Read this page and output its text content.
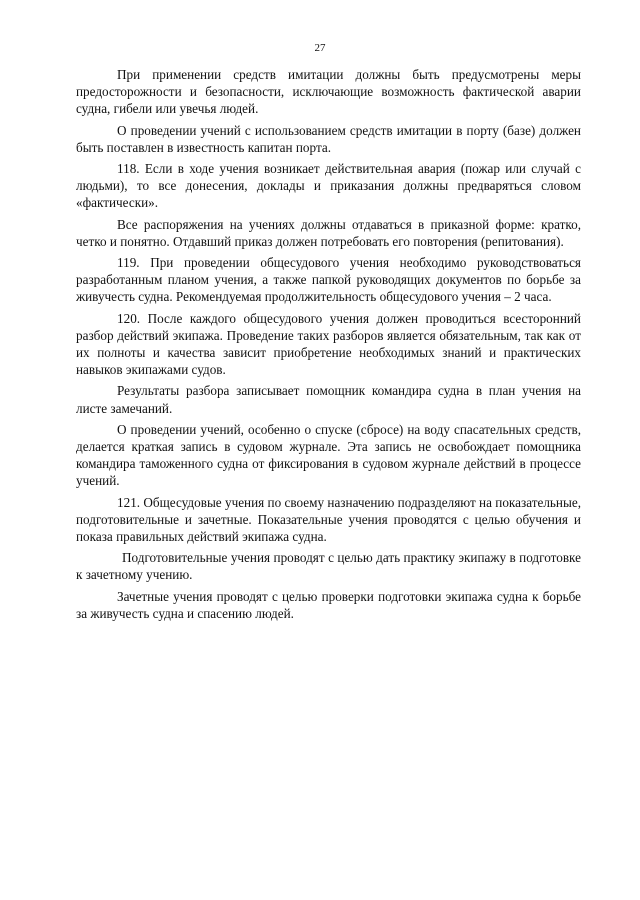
27

При применении средств имитации должны быть предусмотрены меры предосторожности и безопасности, исключающие возможность фактической аварии судна, гибели или увечья людей.

О проведении учений с использованием средств имитации в порту (базе) должен быть поставлен в известность капитан порта.

118. Если в ходе учения возникает действительная авария (пожар или случай с людьми), то все донесения, доклады и приказания должны предваряться словом «фактически».

Все распоряжения на учениях должны отдаваться в приказной форме: кратко, четко и понятно. Отдавший приказ должен потребовать его повторения (репитования).

119. При проведении общесудового учения необходимо руководствоваться разработанным планом учения, а также папкой руководящих документов по борьбе за живучесть судна. Рекомендуемая продолжительность общесудового учения – 2 часа.

120. После каждого общесудового учения должен проводиться всесторонний разбор действий экипажа. Проведение таких разборов является обязательным, так как от их полноты и качества зависит приобретение необходимых знаний и практических навыков экипажами судов.

Результаты разбора записывает помощник командира судна в план учения на листе замечаний.

О проведении учений, особенно о спуске (сбросе) на воду спасательных средств, делается краткая запись в судовом журнале. Эта запись не освобождает помощника командира таможенного судна от фиксирования в судовом журнале действий в процессе учений.

121. Общесудовые учения по своему назначению подразделяют на показательные, подготовительные и зачетные. Показательные учения проводятся с целью обучения и показа правильных действий экипажа судна.

Подготовительные учения проводят с целью дать практику экипажу в подготовке к зачетному учению.

Зачетные учения проводят с целью проверки подготовки экипажа судна к борьбе за живучесть судна и спасению людей.
